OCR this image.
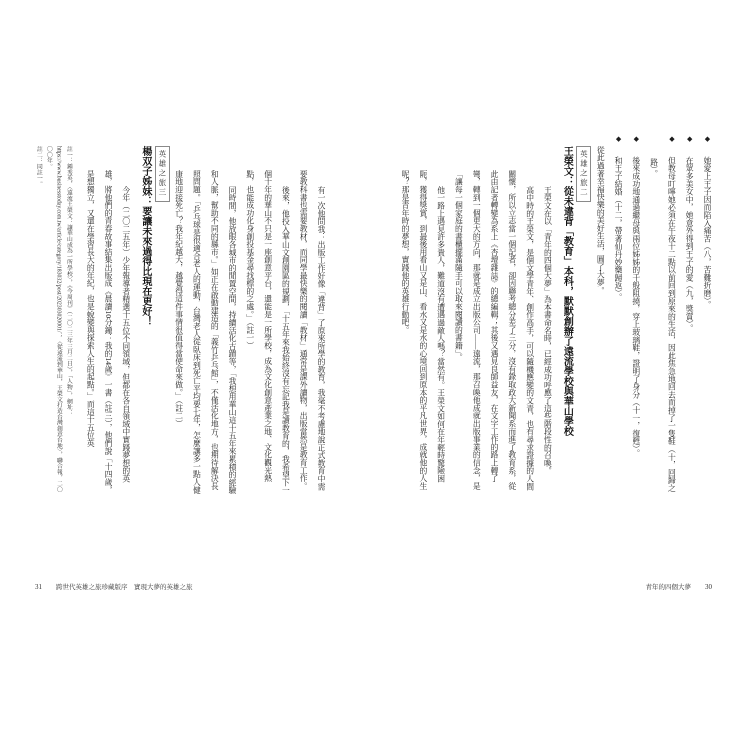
◆她愛上王子因而陷入痛苦（八，苦難折磨）。

◆在眾多美女中，她意外得到王子的愛（九，獎賞）。

◆但教母叮嚀她必須在午夜十二點以前回到原來的生活，因此焦急地回去而掉了一隻鞋（十，回歸之路）。

◆後來成功地通過繼母與兩位姊姊的千般阻撓，穿上玻璃鞋，證明了身分（十一，復甦）。

◆和王子結婚（十二，帶著仙丹妙藥歸返）。

從此過著幸福快樂的美好生活，圓了大夢。

英雄之旅二

王榮文：從未違背「教育」本科，默默創辦了遠流學校與華山學校

王榮文在以「青年的四個大夢」為本書命名時，已經成功呼應了這些階段性的召喚。

高中時的王榮文，是個文學青年、創作高手，可以隨機應變的文青，也有尋求證據的人間關懷，所以立志當一個記者，卻因聯考總分差了三分，沒有錄取政大新聞系而進了教育系，從此由記者轉變為系上《杏壇雜誌》的總編輯；其後又遇見良師益友，在文字工作的路上轉了彎，轉到一個更大的方向，那就是成立出版公司——遠流，那召喚他成就出版事業的信念，是「讓每一個家庭的書櫃擺滿隨手可以取來閱讀的書籍」。

他一路上遇見許多貴人，難道沒有遭遇過敵人嗎？當然有。王榮文如何在年輕時驚險困阨，獲得獎賞，到最後用看山又是山、看水又是水的心境回到原本的平凡世界，成就他的人生呢？那是青年時的夢想，實踐他的英雄行動吧。

有一次他問我：出版工作好像「違背」了原來所學的教育，我毫不考慮地說正式教育中需要教科書也需要教材，而同學最快樂的閱讀「教材」通常是課外讀物，出版當然是教育工作。

後來，他投入華山文創園區的規劃，「十五年來我始終沒有忘記我是讀教育的，我希望下一個十年的華山不只是一座創意平台，還能是一所學校，成為文化創意產業之地、文化觀光熱點，也能成功化身創投基金尋找標的之處。」（註一）

同時間，他放眼各城市的閒置空間，持續活化古蹟等，「我想用華山這十五年來累積的經驗和人脈，幫助不同的縣市。」如正在啟動建造的「義竹乒乓館」，不僅活化地方，也期待解決長照問題。「乒乓球是很適合老人的運動，台灣老人從臥床到死亡平均要七年，怎麼讓多一點人健康地迎接死亡？我年紀越大，越覺得這件事情很值得當使命來做。」（註二）

英雄之旅三

楊双子姊妹：要讓未來過得比現在更好！

今年（二〇二五年）少年報導者精選十五位不同領域，但都在各自領域中實踐夢想的英雄，將他們的青春故事結集出版成《晨讀10分鐘：我的14歲》一書（註三），他們說「十四歲，是想獨立，又還在學習長大的年紀，也是蛻變與探索人生的起點。」而這十五位英

註一：鍾秀英，〈遠流王榮文：讓華山成為一所學校〉，《今周刊》（二〇二三年三月二日），「人物」，網址：https://www.businesstoday.com.tw/article/category/183032/post/202303020001/；〈從遠流到華山，王榮文打造台灣創意台地〉，聯合報，二〇〇〇年。

註二：同註一。

31 跨世代英雄之旅珍藏版序　實現大夢的英雄之旅	青年的四個大夢 30
